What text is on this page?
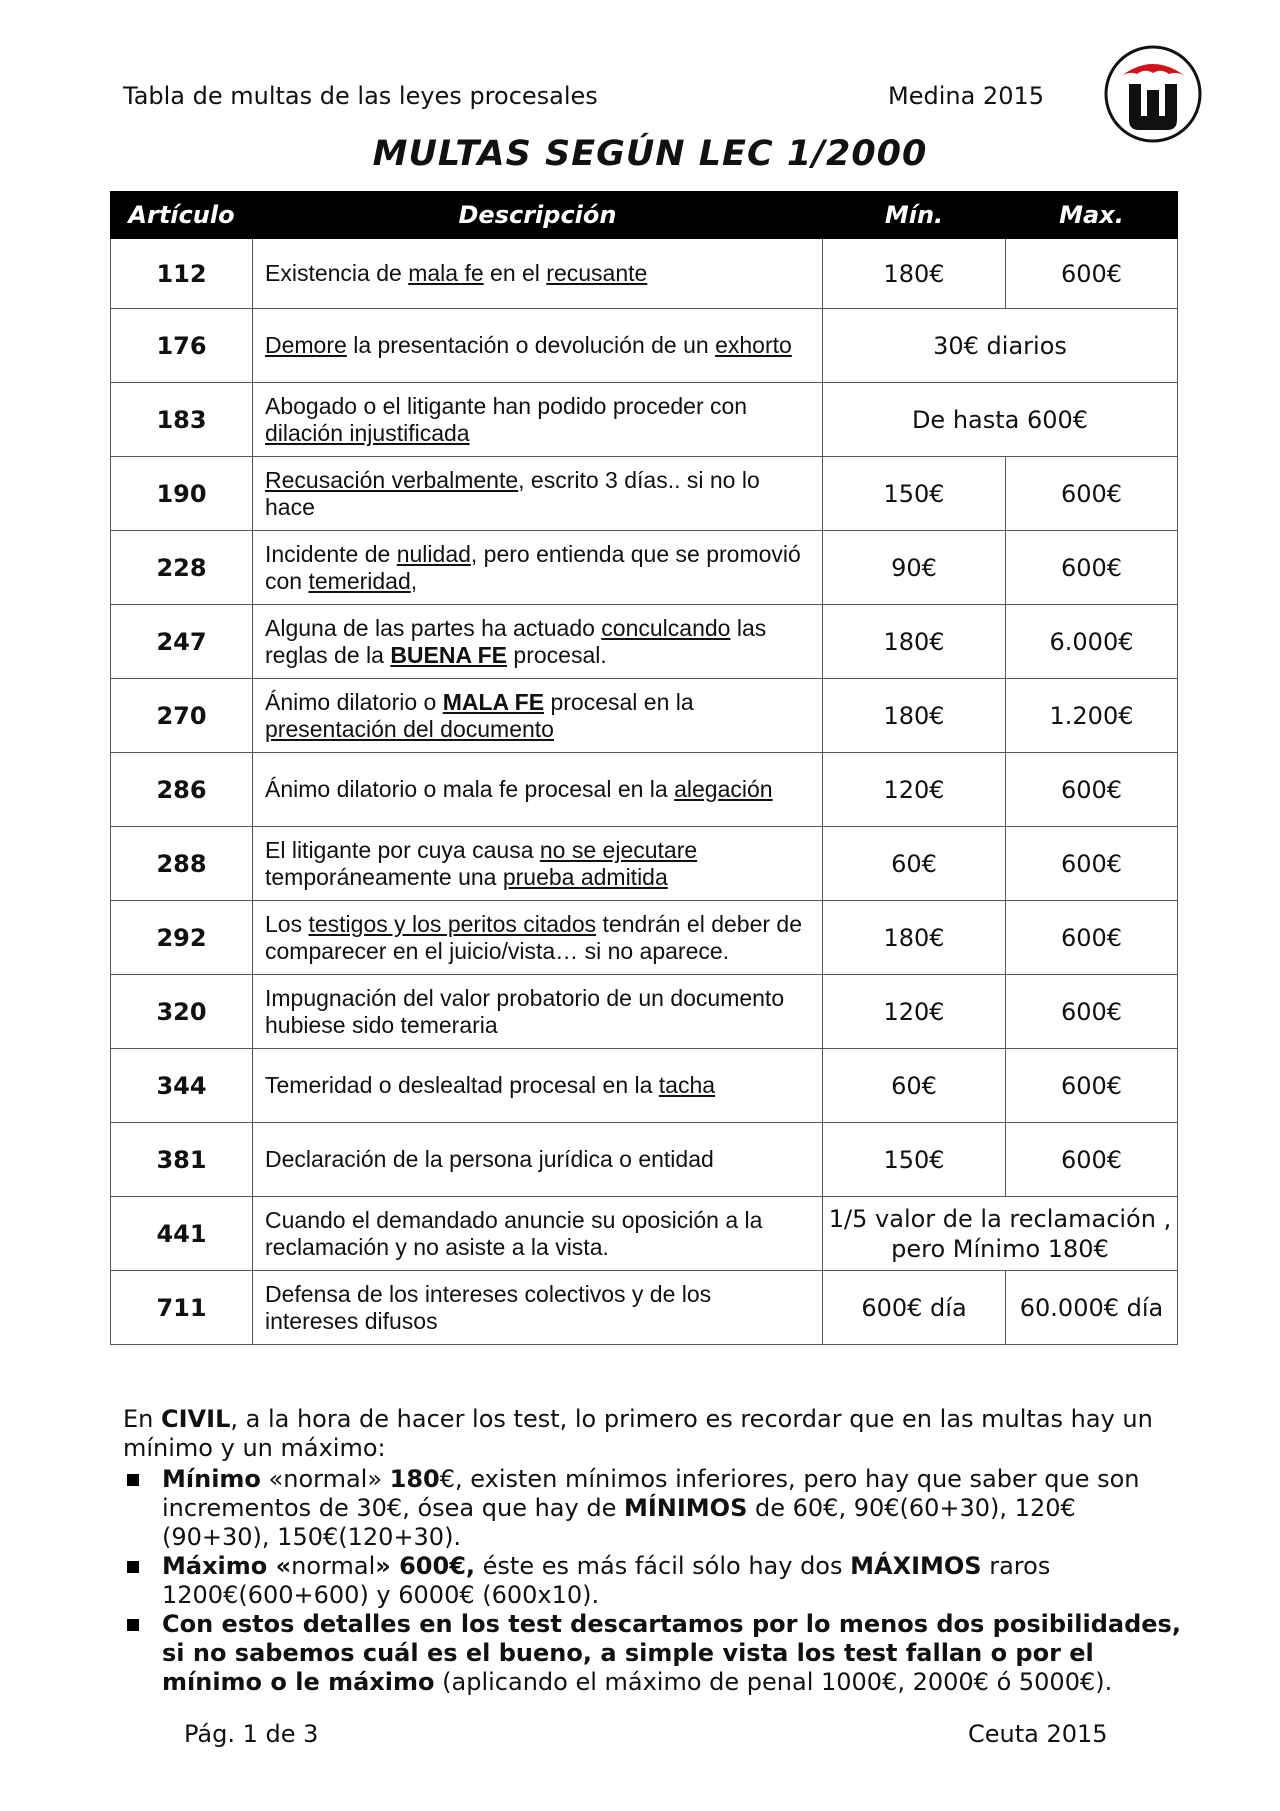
Tabla de multas de las leyes procesales	Medina 2015
MULTAS SEGÚN LEC 1/2000
Artículo	Descripción	Mín.	Max.
112	Existencia de mala fe en el recusante	180€	600€
176	Demore la presentación o devolución de un exhorto	30€ diarios	
183	Abogado o el litigante han podido proceder con dilación injustificada	De hasta 600€	
190	Recusación verbalmente, escrito 3 días.. si no lo hace	150€	600€
228	Incidente de nulidad, pero entienda que se promovió con temeridad,	90€	600€
247	Alguna de las partes ha actuado conculcando las reglas de la BUENA FE procesal.	180€	6.000€
270	Ánimo dilatorio o MALA FE procesal en la presentación del documento	180€	1.200€
286	Ánimo dilatorio o mala fe procesal en la alegación	120€	600€
288	El litigante por cuya causa no se ejecutare temporáneamente una prueba admitida	60€	600€
292	Los testigos y los peritos citados tendrán el deber de comparecer en el juicio/vista… si no aparece.	180€	600€
320	Impugnación del valor probatorio de un documento hubiese sido temeraria	120€	600€
344	Temeridad o deslealtad procesal en la tacha	60€	600€
381	Declaración de la persona jurídica o entidad	150€	600€
441	Cuando el demandado anuncie su oposición a la reclamación y no asiste a la vista.	1/5 valor de la reclamación , pero Mínimo 180€	
711	Defensa de los intereses colectivos y de los intereses difusos	600€ día	60.000€ día

En CIVIL, a la hora de hacer los test, lo primero es recordar que en las multas hay un mínimo y un máximo:

Mínimo «normal» 180€, existen mínimos inferiores, pero hay que saber que son incrementos de 30€, ósea que hay de MÍNIMOS de 60€, 90€(60+30), 120€ (90+30), 150€(120+30).
Máximo «normal» 600€, éste es más fácil sólo hay dos MÁXIMOS raros 1200€(600+600) y 6000€ (600x10).
Con estos detalles en los test descartamos por lo menos dos posibilidades, si no sabemos cuál es el bueno, a simple vista los test fallan o por el mínimo o le máximo (aplicando el máximo de penal 1000€, 2000€ ó 5000€).
Pág. 1 de 3	Ceuta 2015
